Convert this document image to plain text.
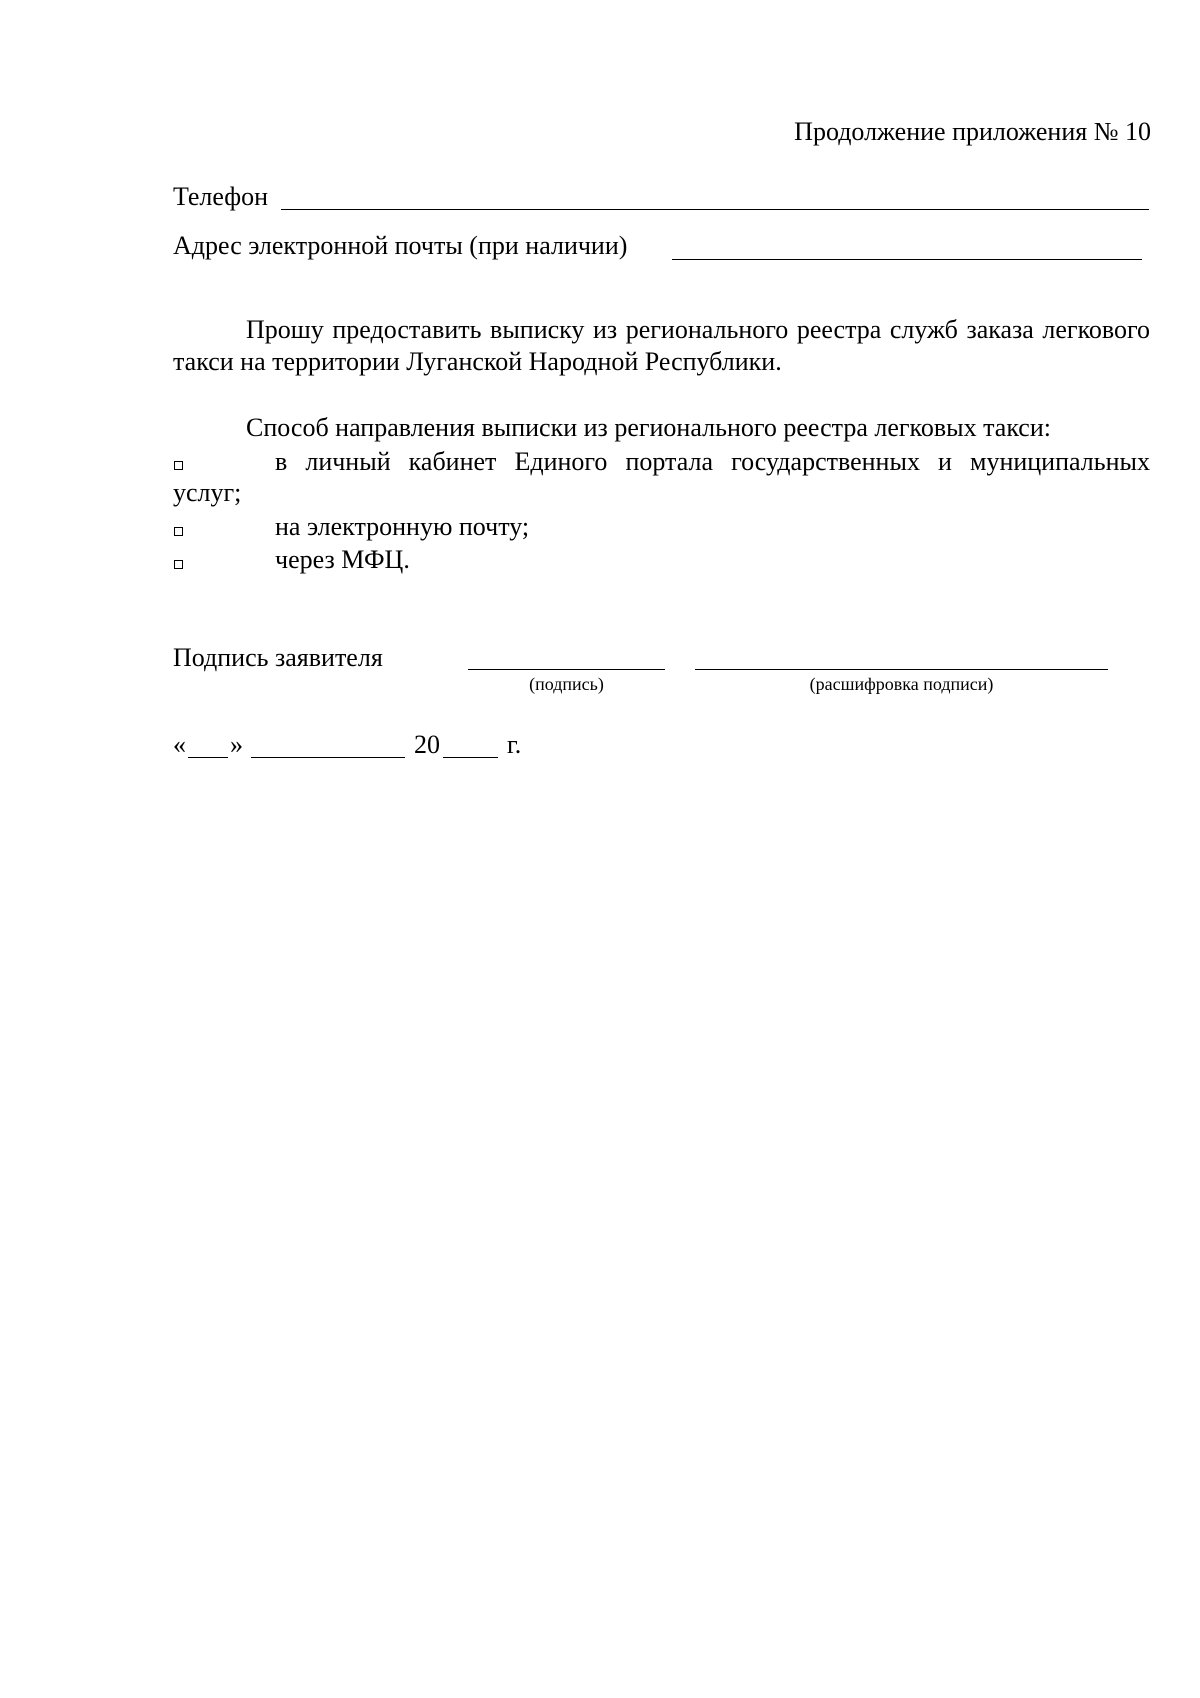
Продолжение приложения № 10
Телефон
Адрес электронной почты (при наличии)
Прошу предоставить выписку из регионального реестра служб заказа легкового такси на территории Луганской Народной Республики.
Способ направления выписки из регионального реестра легковых такси:
в личный кабинет Единого портала государственных и муниципальных
услуг;
на электронную почту;
через МФЦ.
Подпись заявителя
(подпись)	(расшифровка подписи)
« »	20	г.
